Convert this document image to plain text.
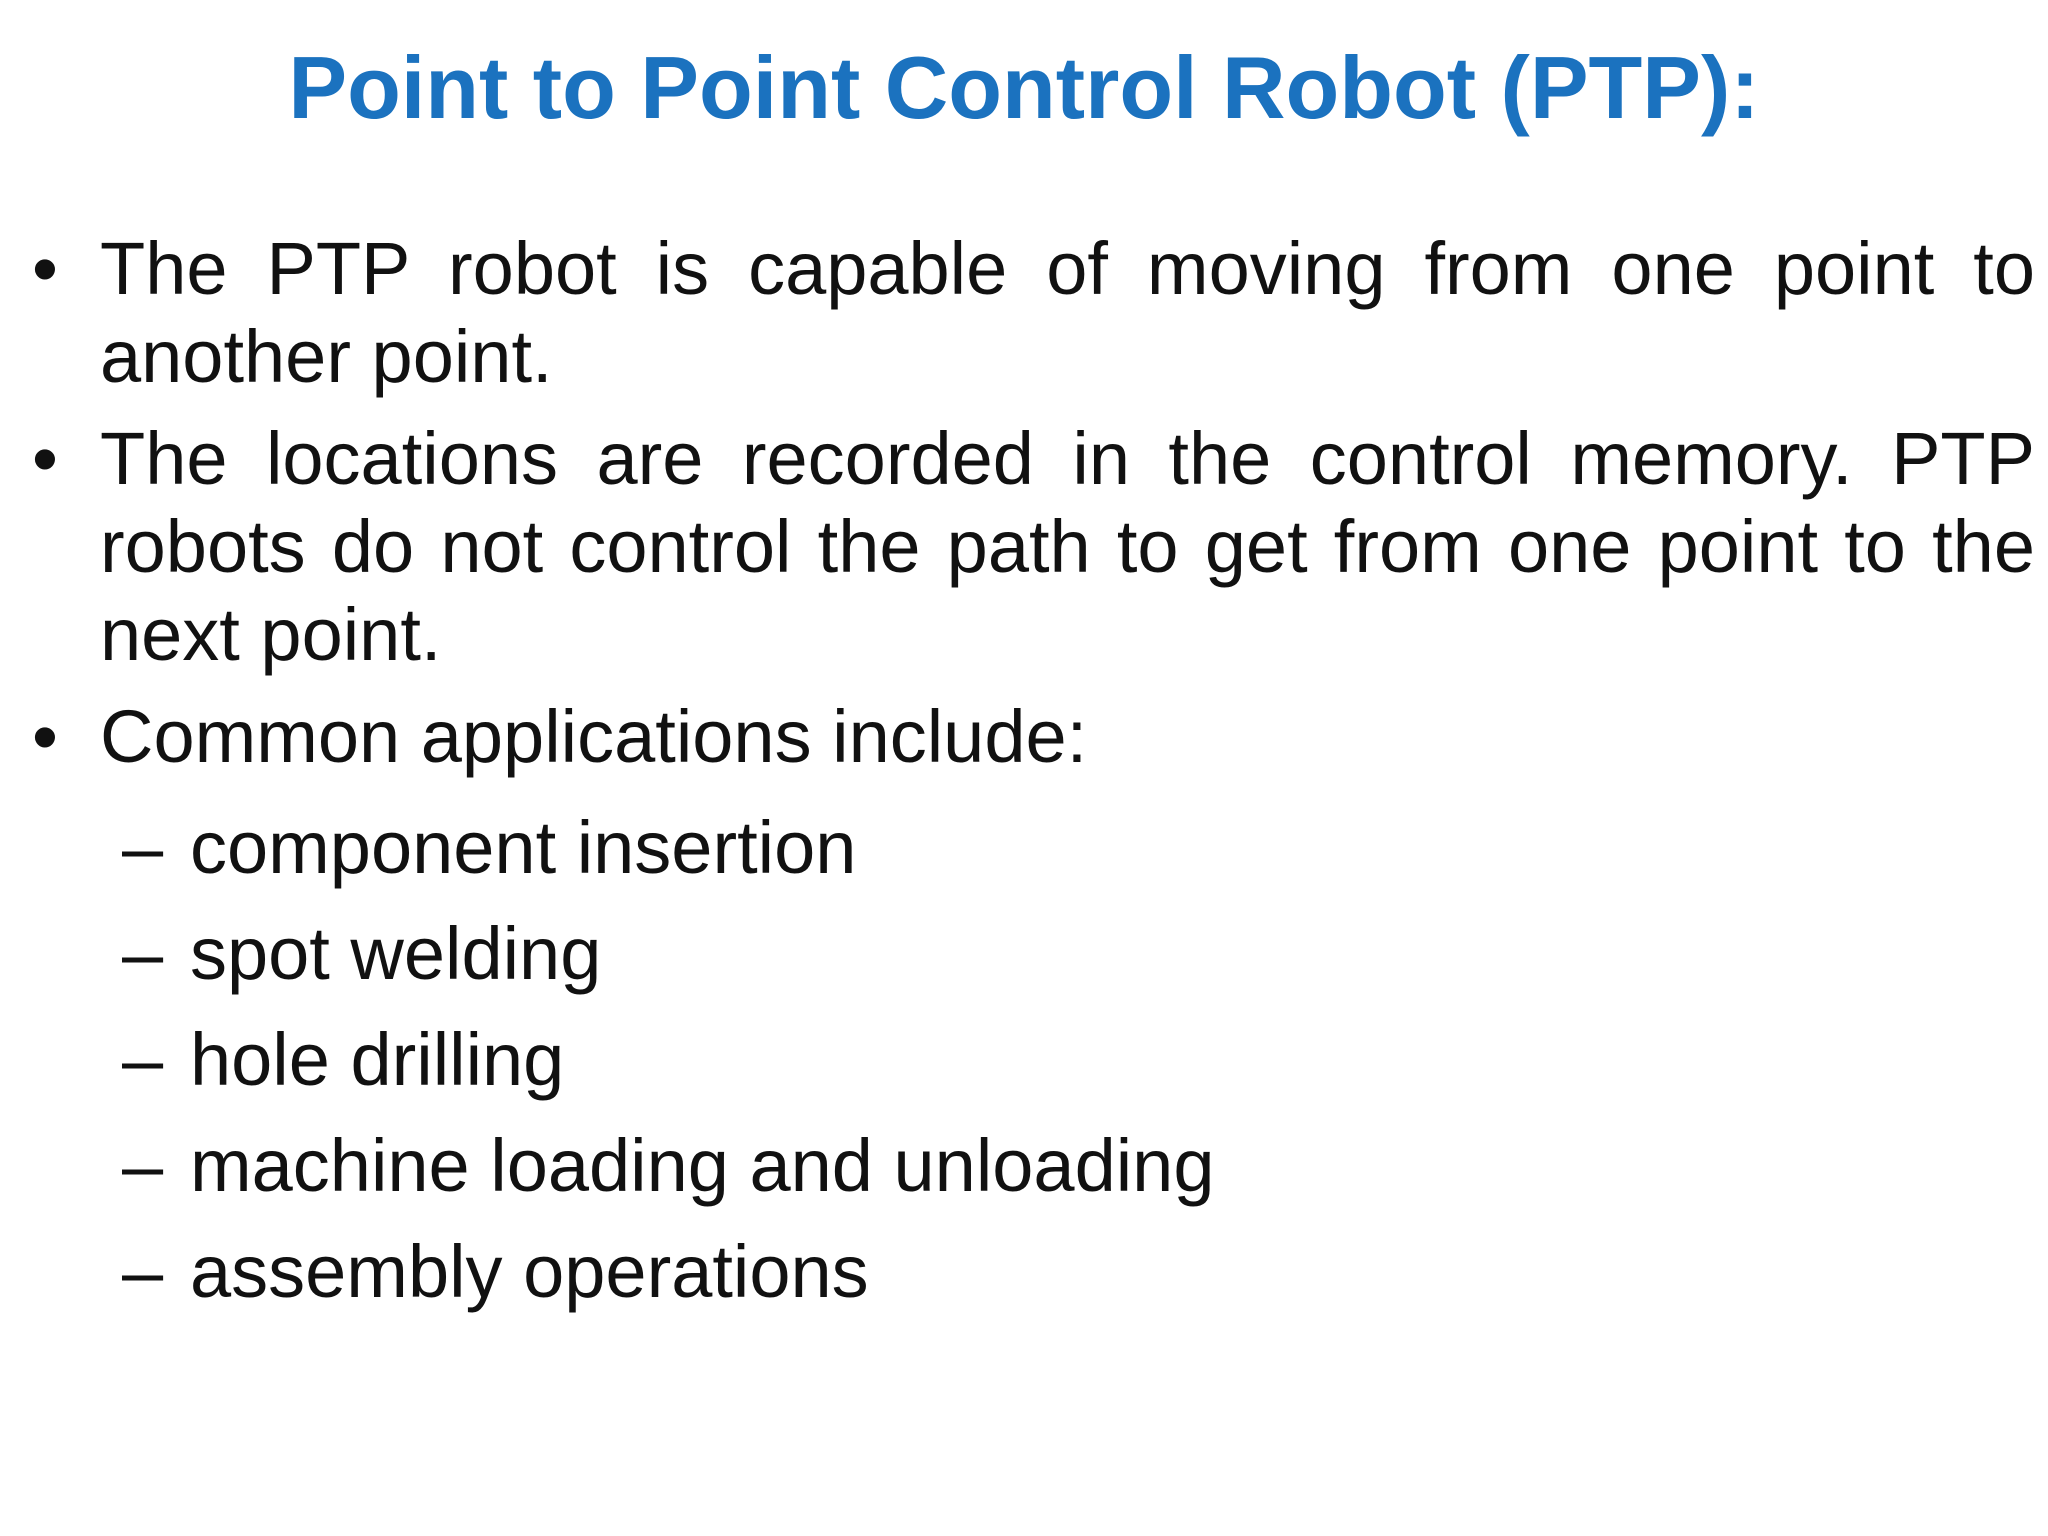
Point to Point Control Robot (PTP):
• The PTP robot is capable of moving from one point to another point.
• The locations are recorded in the control memory. PTP robots do not control the path to get from one point to the next point.
• Common applications include:
– component insertion
– spot welding
– hole drilling
– machine loading and unloading
– assembly operations
